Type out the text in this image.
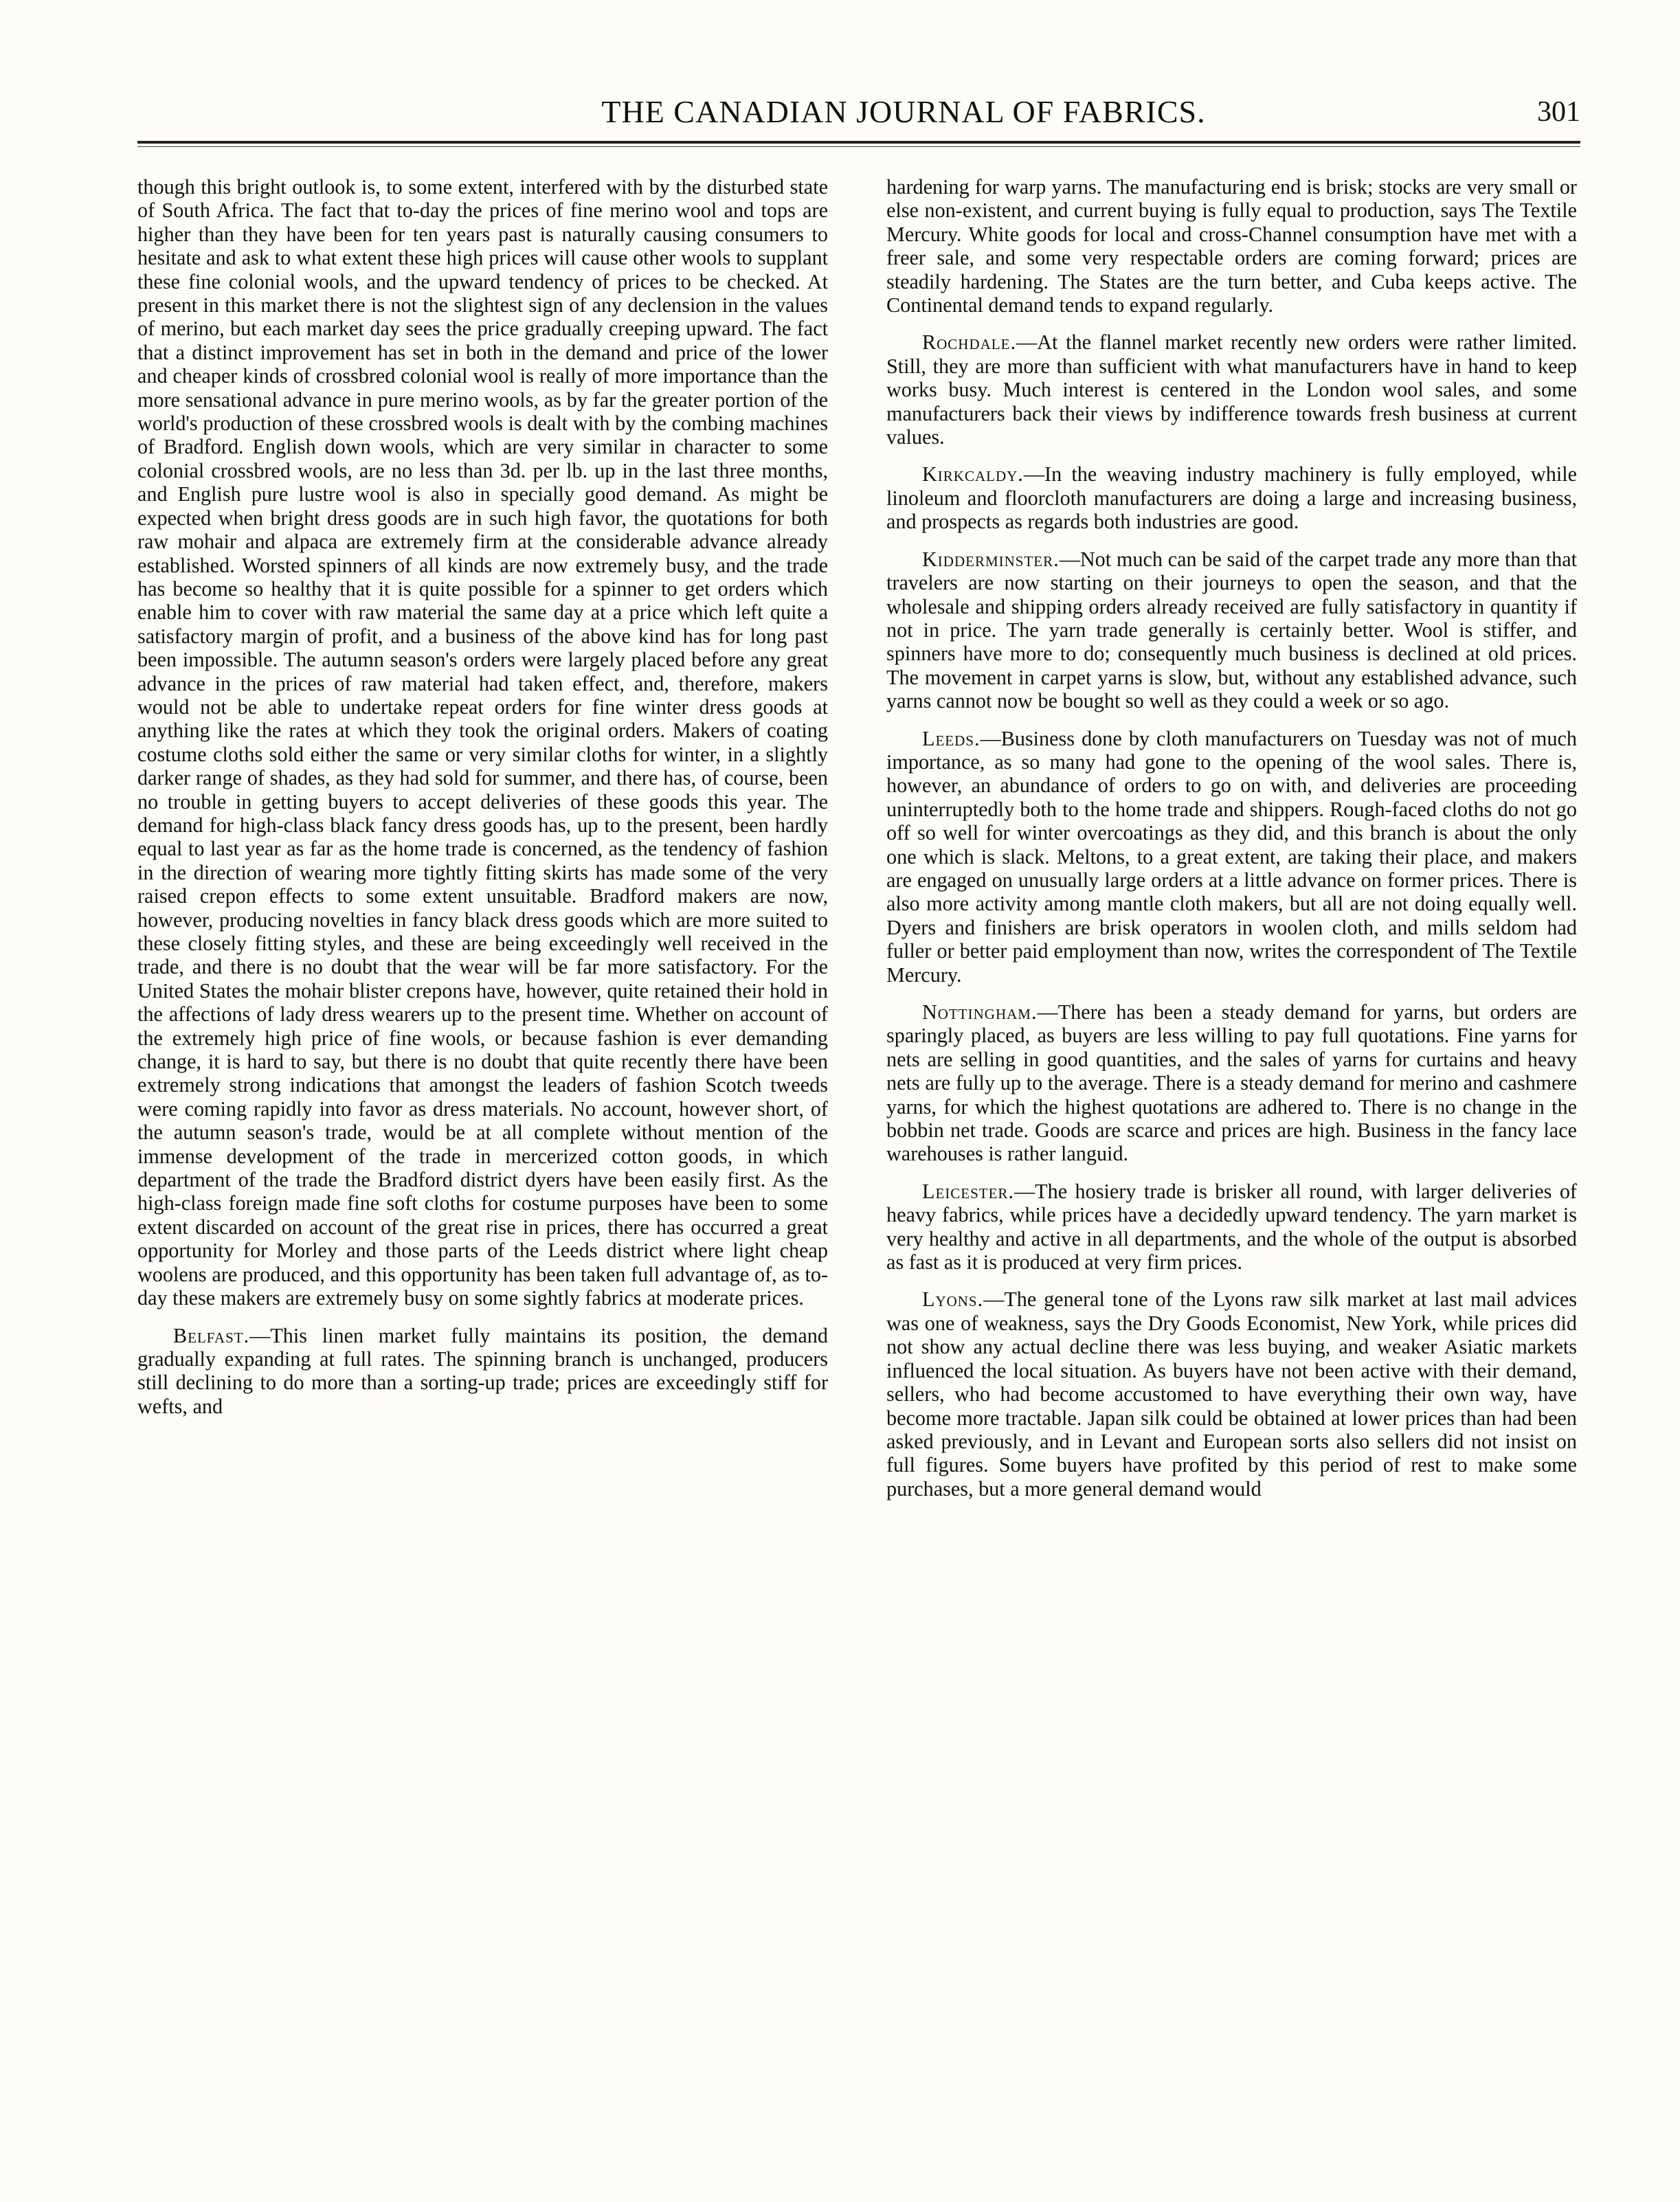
THE CANADIAN JOURNAL OF FABRICS.	301

though this bright outlook is, to some extent, interfered with by the disturbed state of South Africa. The fact that to-day the prices of fine merino wool and tops are higher than they have been for ten years past is naturally causing consumers to hesitate and ask to what extent these high prices will cause other wools to supplant these fine colonial wools, and the upward tendency of prices to be checked. At present in this market there is not the slightest sign of any declension in the values of merino, but each market day sees the price gradually creeping upward. The fact that a distinct improvement has set in both in the demand and price of the lower and cheaper kinds of crossbred colonial wool is really of more importance than the more sensational advance in pure merino wools, as by far the greater portion of the world's production of these crossbred wools is dealt with by the combing machines of Bradford. English down wools, which are very similar in character to some colonial crossbred wools, are no less than 3d. per lb. up in the last three months, and English pure lustre wool is also in specially good demand. As might be expected when bright dress goods are in such high favor, the quotations for both raw mohair and alpaca are extremely firm at the considerable advance already established. Worsted spinners of all kinds are now extremely busy, and the trade has become so healthy that it is quite possible for a spinner to get orders which enable him to cover with raw material the same day at a price which left quite a satisfactory margin of profit, and a business of the above kind has for long past been impossible. The autumn season's orders were largely placed before any great advance in the prices of raw material had taken effect, and, therefore, makers would not be able to undertake repeat orders for fine winter dress goods at anything like the rates at which they took the original orders. Makers of coating costume cloths sold either the same or very similar cloths for winter, in a slightly darker range of shades, as they had sold for summer, and there has, of course, been no trouble in getting buyers to accept deliveries of these goods this year. The demand for high-class black fancy dress goods has, up to the present, been hardly equal to last year as far as the home trade is concerned, as the tendency of fashion in the direction of wearing more tightly fitting skirts has made some of the very raised crepon effects to some extent unsuitable. Bradford makers are now, however, producing novelties in fancy black dress goods which are more suited to these closely fitting styles, and these are being exceedingly well received in the trade, and there is no doubt that the wear will be far more satisfactory. For the United States the mohair blister crepons have, however, quite retained their hold in the affections of lady dress wearers up to the present time. Whether on account of the extremely high price of fine wools, or because fashion is ever demanding change, it is hard to say, but there is no doubt that quite recently there have been extremely strong indications that amongst the leaders of fashion Scotch tweeds were coming rapidly into favor as dress materials. No account, however short, of the autumn season's trade, would be at all complete without mention of the immense development of the trade in mercerized cotton goods, in which department of the trade the Bradford district dyers have been easily first. As the high-class foreign made fine soft cloths for costume purposes have been to some extent discarded on account of the great rise in prices, there has occurred a great opportunity for Morley and those parts of the Leeds district where light cheap woolens are produced, and this opportunity has been taken full advantage of, as to-day these makers are extremely busy on some sightly fabrics at moderate prices.

Belfast.—This linen market fully maintains its position, the demand gradually expanding at full rates. The spinning branch is unchanged, producers still declining to do more than a sorting-up trade; prices are exceedingly stiff for wefts, and

hardening for warp yarns. The manufacturing end is brisk; stocks are very small or else non-existent, and current buying is fully equal to production, says The Textile Mercury. White goods for local and cross-Channel consumption have met with a freer sale, and some very respectable orders are coming forward; prices are steadily hardening. The States are the turn better, and Cuba keeps active. The Continental demand tends to expand regularly.

Rochdale.—At the flannel market recently new orders were rather limited. Still, they are more than sufficient with what manufacturers have in hand to keep works busy. Much interest is centered in the London wool sales, and some manufacturers back their views by indifference towards fresh business at current values.

Kirkcaldy.—In the weaving industry machinery is fully employed, while linoleum and floorcloth manufacturers are doing a large and increasing business, and prospects as regards both industries are good.

Kidderminster.—Not much can be said of the carpet trade any more than that travelers are now starting on their journeys to open the season, and that the wholesale and shipping orders already received are fully satisfactory in quantity if not in price. The yarn trade generally is certainly better. Wool is stiffer, and spinners have more to do; consequently much business is declined at old prices. The movement in carpet yarns is slow, but, without any established advance, such yarns cannot now be bought so well as they could a week or so ago.

Leeds.—Business done by cloth manufacturers on Tuesday was not of much importance, as so many had gone to the opening of the wool sales. There is, however, an abundance of orders to go on with, and deliveries are proceeding uninterruptedly both to the home trade and shippers. Rough-faced cloths do not go off so well for winter overcoatings as they did, and this branch is about the only one which is slack. Meltons, to a great extent, are taking their place, and makers are engaged on unusually large orders at a little advance on former prices. There is also more activity among mantle cloth makers, but all are not doing equally well. Dyers and finishers are brisk operators in woolen cloth, and mills seldom had fuller or better paid employment than now, writes the correspondent of The Textile Mercury.

Nottingham.—There has been a steady demand for yarns, but orders are sparingly placed, as buyers are less willing to pay full quotations. Fine yarns for nets are selling in good quantities, and the sales of yarns for curtains and heavy nets are fully up to the average. There is a steady demand for merino and cashmere yarns, for which the highest quotations are adhered to. There is no change in the bobbin net trade. Goods are scarce and prices are high. Business in the fancy lace warehouses is rather languid.

Leicester.—The hosiery trade is brisker all round, with larger deliveries of heavy fabrics, while prices have a decidedly upward tendency. The yarn market is very healthy and active in all departments, and the whole of the output is absorbed as fast as it is produced at very firm prices.

Lyons.—The general tone of the Lyons raw silk market at last mail advices was one of weakness, says the Dry Goods Economist, New York, while prices did not show any actual decline there was less buying, and weaker Asiatic markets influenced the local situation. As buyers have not been active with their demand, sellers, who had become accustomed to have everything their own way, have become more tractable. Japan silk could be obtained at lower prices than had been asked previously, and in Levant and European sorts also sellers did not insist on full figures. Some buyers have profited by this period of rest to make some purchases, but a more general demand would
